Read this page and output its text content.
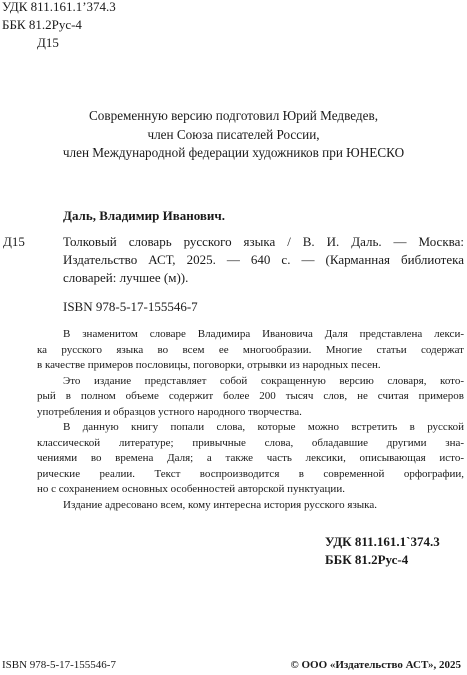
УДК 811.161.1’374.3
ББК 81.2Рус-4
Д15
Современную версию подготовил Юрий Медведев,
член Союза писателей России,
член Международной федерации художников при ЮНЕСКО
Даль, Владимир Иванович.
Д15	Толковый словарь русского языка / В. И. Даль. — Москва:
Издательство АСТ, 2025. — 640 с. — (Карманная библиотека
словарей: лучшее (м)).
ISBN 978-5-17-155546-7
В знаменитом словаре Владимира Ивановича Даля представлена лекси-
ка русского языка во всем ее многообразии. Многие статьи содержат
в качестве примеров пословицы, поговорки, отрывки из народных песен.
Это издание представляет собой сокращенную версию словаря, кото-
рый в полном объеме содержит более 200 тысяч слов, не считая примеров
употребления и образцов устного народного творчества.
В данную книгу попали слова, которые можно встретить в русской
классической литературе; привычные слова, обладавшие другими зна-
чениями во времена Даля; а также часть лексики, описывающая исто-
рические реалии. Текст воспроизводится в современной орфографии,
но с сохранением основных особенностей авторской пунктуации.
Издание адресовано всем, кому интересна история русского языка.
УДК 811.161.1`374.3
ББК 81.2Рус-4
ISBN 978-5-17-155546-7	© ООО «Издательство АСТ», 2025
